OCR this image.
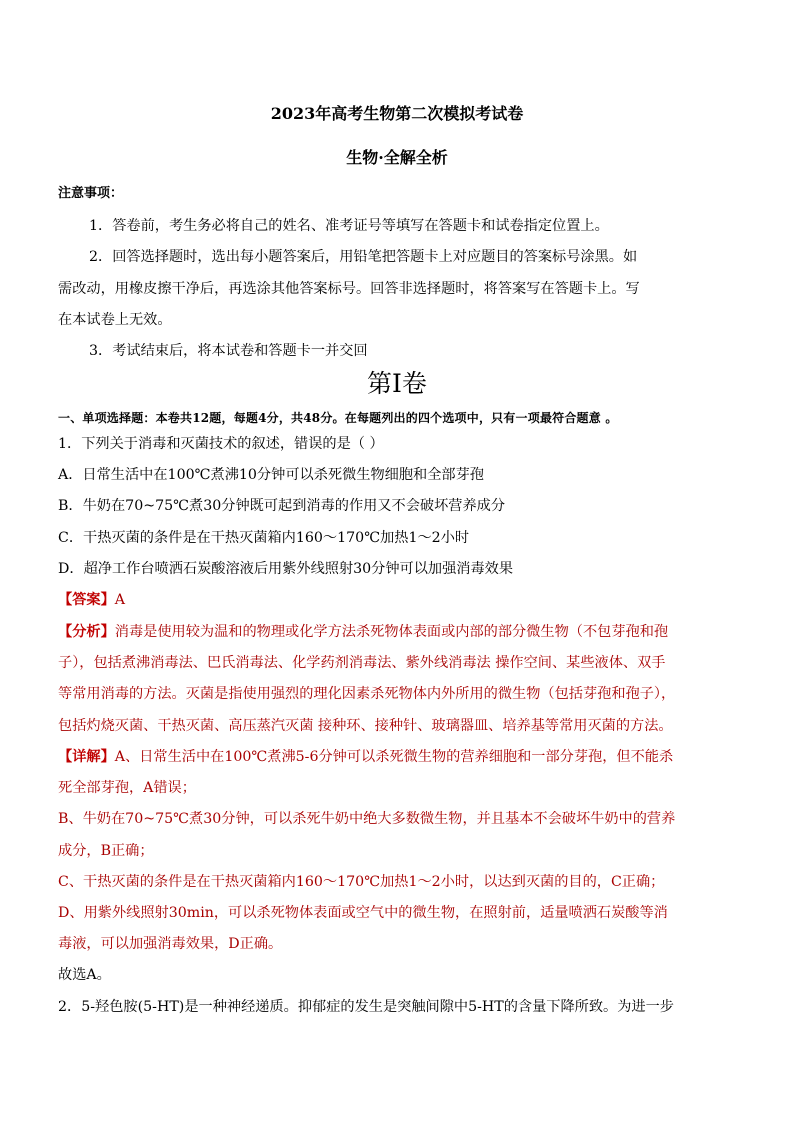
2023年高考生物第二次模拟考试卷
生物·全解全析
注意事项：
1．答卷前，考生务必将自己的姓名、准考证号等填写在答题卡和试卷指定位置上。
2．回答选择题时，选出每小题答案后，用铅笔把答题卡上对应题目的答案标号涂黑。如
需改动，用橡皮擦干净后，再选涂其他答案标号。回答非选择题时，将答案写在答题卡上。写
在本试卷上无效。
3．考试结束后，将本试卷和答题卡一并交回
第Ⅰ卷
一、单项选择题：本卷共12题，每题4分，共48分。在每题列出的四个选项中，只有一项最符合题意 。
1．下列关于消毒和灭菌技术的叙述，错误的是（ ）
A．日常生活中在100℃煮沸10分钟可以杀死微生物细胞和全部芽孢
B．牛奶在70~75℃煮30分钟既可起到消毒的作用又不会破坏营养成分
C．干热灭菌的条件是在干热灭菌箱内160～170℃加热1～2小时
D．超净工作台喷洒石炭酸溶液后用紫外线照射30分钟可以加强消毒效果
【答案】A
【分析】消毒是使用较为温和的物理或化学方法杀死物体表面或内部的部分微生物（不包芽孢和孢
子），包括煮沸消毒法、巴氏消毒法、化学药剂消毒法、紫外线消毒法 操作空间、某些液体、双手
等常用消毒的方法。灭菌是指使用强烈的理化因素杀死物体内外所用的微生物（包括芽孢和孢子），
包括灼烧灭菌、干热灭菌、高压蒸汽灭菌 接种环、接种针、玻璃器皿、培养基等常用灭菌的方法。
【详解】A、日常生活中在100℃煮沸5-6分钟可以杀死微生物的营养细胞和一部分芽孢，但不能杀
死全部芽孢，A错误；
B、牛奶在70~75℃煮30分钟，可以杀死牛奶中绝大多数微生物，并且基本不会破坏牛奶中的营养
成分，B正确；
C、干热灭菌的条件是在干热灭菌箱内160～170℃加热1～2小时，以达到灭菌的目的，C正确；
D、用紫外线照射30min，可以杀死物体表面或空气中的微生物，在照射前，适量喷洒石炭酸等消
毒液，可以加强消毒效果，D正确。
故选A。
2．5-羟色胺(5-HT)是一种神经递质。抑郁症的发生是突触间隙中5-HT的含量下降所致。为进一步
